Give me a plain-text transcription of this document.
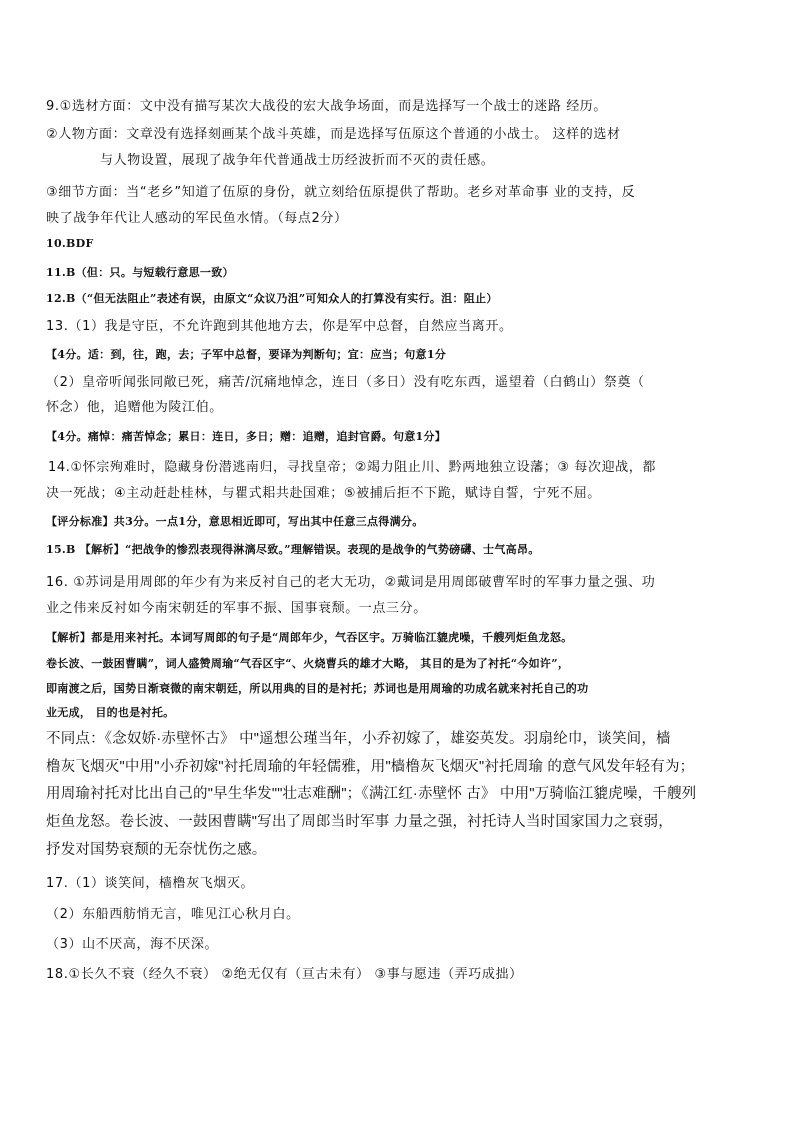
9.①选材方面：文中没有描写某次大战役的宏大战争场面，而是选择写一个战士的迷路 经历。
②人物方面：文章没有选择刻画某个战斗英雄，而是选择写伍原这个普通的小战士。 这样的选材
与人物设置，展现了战争年代普通战士历经波折而不灭的责任感。
③细节方面：当“老乡”知道了伍原的身份，就立刻给伍原提供了帮助。老乡对革命事 业的支持，反
映了战争年代让人感动的军民鱼水情。（每点2分）
10.BDF
11.B（但：只。与短载行意思一致）
12.B（“但无法阻止”表述有误，由原文“众议乃沮”可知众人的打算没有实行。沮：阻止）
13.（1）我是守臣，不允许跑到其他地方去，你是军中总督，自然应当离开。
【4分。适：到，往，跑，去；子军中总督，要译为判断句；宜：应当；句意1分
（2）皇帝听闻张同敞已死，痛苦/沉痛地悼念，连日（多日）没有吃东西，遥望着（白鹤山）祭奠（
怀念）他，追赠他为陵江伯。
【4分。痛悼：痛苦悼念；累日：连日，多日；赠：追赠，追封官爵。句意1分】
14.①怀宗殉难时，隐藏身份潜逃南归，寻找皇帝；②竭力阻止川、黔两地独立设藩；③ 每次迎战，都
决一死战；④主动赶赴桂林，与瞿式耜共赴国难；⑤被捕后拒不下跪，赋诗自誓，宁死不屈。
【评分标准】共3分。一点1分，意思相近即可，写出其中任意三点得满分。
15.B 【解析】“把战争的惨烈表现得淋漓尽致。”理解错误。表现的是战争的气势磅礴、士气高昂。
16. ①苏词是用周郎的年少有为来反衬自己的老大无功，②戴词是用周郎破曹军时的军事力量之强、功
业之伟来反衬如今南宋朝廷的军事不振、国事衰颓。一点三分。
【解析】都是用来衬托。本词写周郎的句子是“周郎年少，气吞区宇。万骑临江貔虎噪，千艘列炬鱼龙怒。
卷长波、一鼓困曹瞒”，词人盛赞周瑜“气吞区宇“、火烧曹兵的雄才大略， 其目的是为了衬托“今如许”，
即南渡之后，国势日渐衰微的南宋朝廷，所以用典的目的是衬托；苏词也是用周瑜的功成名就来衬托自己的功
业无成， 目的也是衬托。
不同点：《念奴娇·赤壁怀古》 中"遥想公瑾当年，小乔初嫁了，雄姿英发。羽扇纶巾，谈笑间，樯
橹灰飞烟灭"中用"小乔初嫁"衬托周瑜的年轻儒雅，用"樯橹灰飞烟灭"衬托周瑜 的意气风发年轻有为；
用周瑜衬托对比出自己的"早生华发""壮志难酬"；《满江红·赤壁怀 古》 中用"万骑临江貔虎噪，千艘列
炬鱼龙怒。卷长波、一鼓困曹瞒"写出了周郎当时军事 力量之强，衬托诗人当时国家国力之衰弱，
抒发对国势衰颓的无奈忧伤之感。
17.（1）谈笑间，樯橹灰飞烟灭。
（2）东船西舫悄无言，唯见江心秋月白。
（3）山不厌高，海不厌深。
18.①长久不衰（经久不衰） ②绝无仅有（亘古未有） ③事与愿违（弄巧成拙）
